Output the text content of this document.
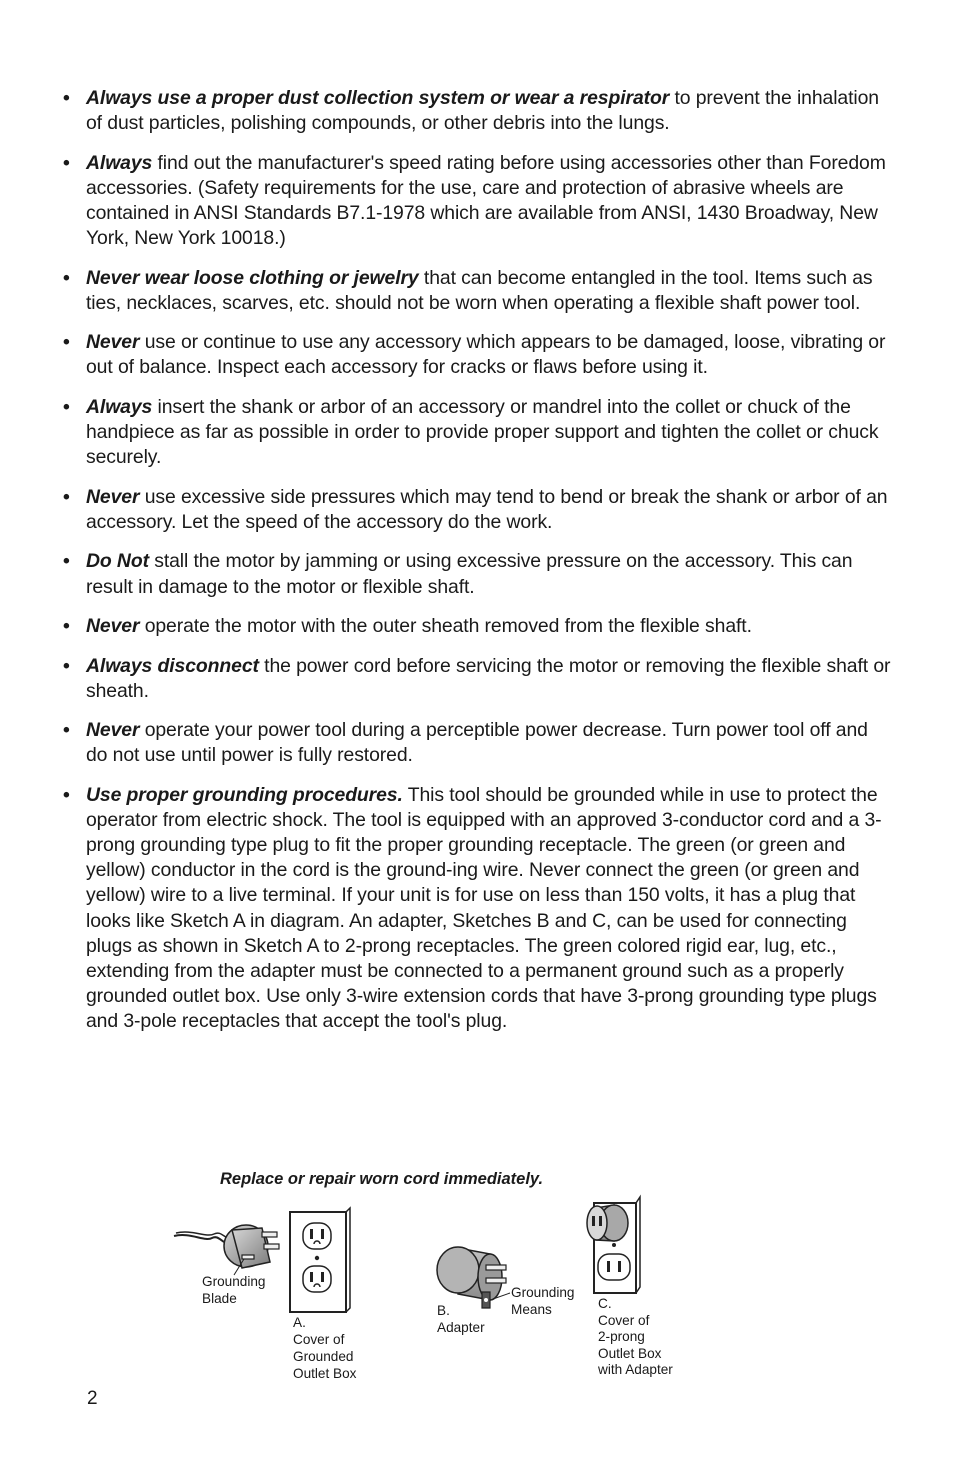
• Always use a proper dust collection system or wear a respirator to prevent the inhalation of dust particles, polishing compounds, or other debris into the lungs.
• Always find out the manufacturer's speed rating before using accessories other than Foredom accessories. (Safety requirements for the use, care and protection of abrasive wheels are contained in ANSI Standards B7.1-1978 which are available from ANSI, 1430 Broadway, New York, New York 10018.)
• Never wear loose clothing or jewelry that can become entangled in the tool. Items such as ties, necklaces, scarves, etc. should not be worn when operating a flexible shaft power tool.
• Never use or continue to use any accessory which appears to be damaged, loose, vibrating or out of balance. Inspect each accessory for cracks or flaws before using it.
• Always insert the shank or arbor of an accessory or mandrel into the collet or chuck of the handpiece as far as possible in order to provide proper support and tighten the collet or chuck securely.
• Never use excessive side pressures which may tend to bend or break the shank or arbor of an accessory. Let the speed of the accessory do the work.
• Do Not stall the motor by jamming or using excessive pressure on the accessory. This can result in damage to the motor or flexible shaft.
• Never operate the motor with the outer sheath removed from the flexible shaft.
• Always disconnect the power cord before servicing the motor or removing the flexible shaft or sheath.
• Never operate your power tool during a perceptible power decrease. Turn power tool off and do not use until power is fully restored.
• Use proper grounding procedures. This tool should be grounded while in use to protect the operator from electric shock. The tool is equipped with an approved 3-conductor cord and a 3-prong grounding type plug to fit the proper grounding receptacle. The green (or green and yellow) conductor in the cord is the ground-ing wire. Never connect the green (or green and yellow) wire to a live terminal. If your unit is for use on less than 150 volts, it has a plug that looks like Sketch A in diagram. An adapter, Sketches B and C, can be used for connecting plugs as shown in Sketch A to 2-prong receptacles. The green colored rigid ear, lug, etc., extending from the adapter must be connected to a permanent ground such as a properly grounded outlet box. Use only 3-wire extension cords that have 3-prong grounding type plugs and 3-pole receptacles that accept the tool's plug.

Replace or repair worn cord immediately.

Grounding
Blade

A.
Cover of
Grounded
Outlet Box

B.
Adapter

Grounding
Means	C.
Cover of
2-prong
Outlet Box
with Adapter

2
